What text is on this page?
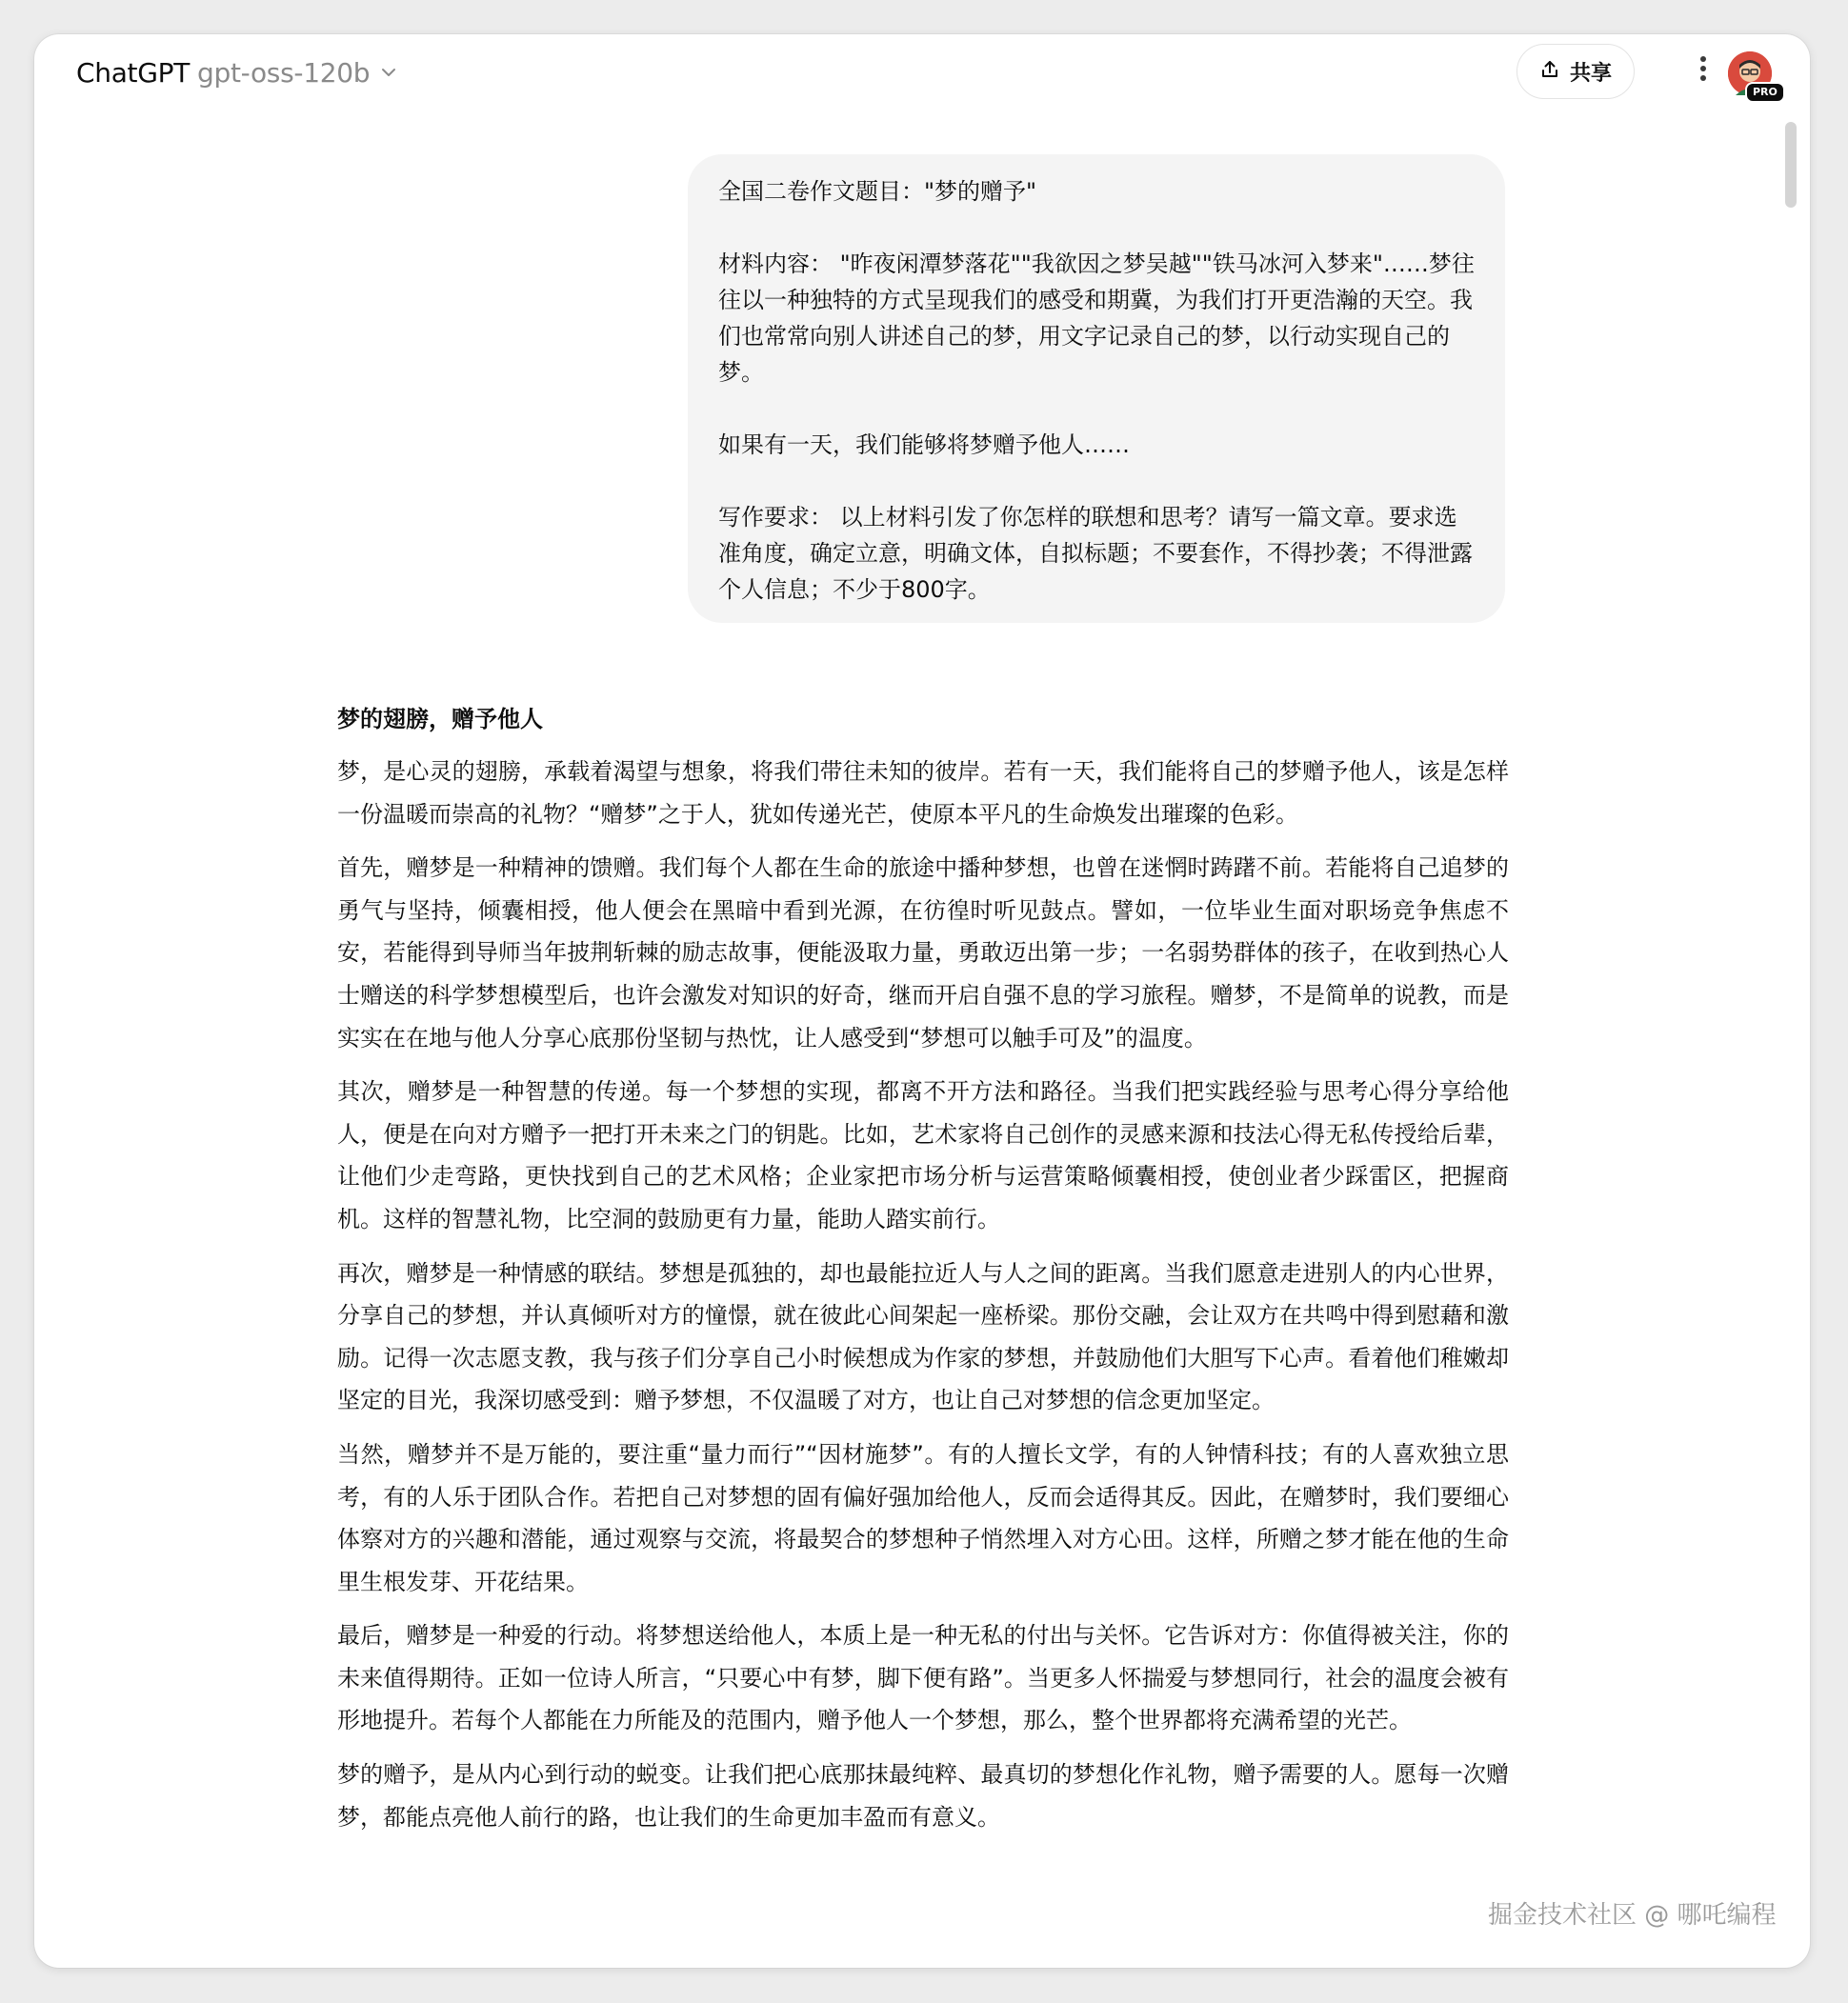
ChatGPT gpt-oss-120b	共享
PRO

全国二卷作文题目："梦的赠予"

材料内容： "昨夜闲潭梦落花""我欲因之梦吴越""铁马冰河入梦来"……梦往往以一种独特的方式呈现我们的感受和期冀，为我们打开更浩瀚的天空。我们也常常向别人讲述自己的梦，用文字记录自己的梦，以行动实现自己的梦。

如果有一天，我们能够将梦赠予他人……

写作要求： 以上材料引发了你怎样的联想和思考？请写一篇文章。要求选准角度，确定立意，明确文体，自拟标题；不要套作，不得抄袭；不得泄露个人信息；不少于800字。

梦的翅膀，赠予他人

梦，是心灵的翅膀，承载着渴望与想象，将我们带往未知的彼岸。若有一天，我们能将自己的梦赠予他人，该是怎样一份温暖而崇高的礼物？“赠梦”之于人，犹如传递光芒，使原本平凡的生命焕发出璀璨的色彩。

首先，赠梦是一种精神的馈赠。我们每个人都在生命的旅途中播种梦想，也曾在迷惘时踌躇不前。若能将自己追梦的勇气与坚持，倾囊相授，他人便会在黑暗中看到光源，在彷徨时听见鼓点。譬如，一位毕业生面对职场竞争焦虑不安，若能得到导师当年披荆斩棘的励志故事，便能汲取力量，勇敢迈出第一步；一名弱势群体的孩子，在收到热心人士赠送的科学梦想模型后，也许会激发对知识的好奇，继而开启自强不息的学习旅程。赠梦，不是简单的说教，而是实实在在地与他人分享心底那份坚韧与热忱，让人感受到“梦想可以触手可及”的温度。

其次，赠梦是一种智慧的传递。每一个梦想的实现，都离不开方法和路径。当我们把实践经验与思考心得分享给他人，便是在向对方赠予一把打开未来之门的钥匙。比如，艺术家将自己创作的灵感来源和技法心得无私传授给后辈，让他们少走弯路，更快找到自己的艺术风格；企业家把市场分析与运营策略倾囊相授，使创业者少踩雷区，把握商机。这样的智慧礼物，比空洞的鼓励更有力量，能助人踏实前行。

再次，赠梦是一种情感的联结。梦想是孤独的，却也最能拉近人与人之间的距离。当我们愿意走进别人的内心世界，分享自己的梦想，并认真倾听对方的憧憬，就在彼此心间架起一座桥梁。那份交融，会让双方在共鸣中得到慰藉和激励。记得一次志愿支教，我与孩子们分享自己小时候想成为作家的梦想，并鼓励他们大胆写下心声。看着他们稚嫩却坚定的目光，我深切感受到：赠予梦想，不仅温暖了对方，也让自己对梦想的信念更加坚定。

当然，赠梦并不是万能的，要注重“量力而行”“因材施梦”。有的人擅长文学，有的人钟情科技；有的人喜欢独立思考，有的人乐于团队合作。若把自己对梦想的固有偏好强加给他人，反而会适得其反。因此，在赠梦时，我们要细心体察对方的兴趣和潜能，通过观察与交流，将最契合的梦想种子悄然埋入对方心田。这样，所赠之梦才能在他的生命里生根发芽、开花结果。

最后，赠梦是一种爱的行动。将梦想送给他人，本质上是一种无私的付出与关怀。它告诉对方：你值得被关注，你的未来值得期待。正如一位诗人所言，“只要心中有梦，脚下便有路”。当更多人怀揣爱与梦想同行，社会的温度会被有形地提升。若每个人都能在力所能及的范围内，赠予他人一个梦想，那么，整个世界都将充满希望的光芒。

梦的赠予，是从内心到行动的蜕变。让我们把心底那抹最纯粹、最真切的梦想化作礼物，赠予需要的人。愿每一次赠梦，都能点亮他人前行的路，也让我们的生命更加丰盈而有意义。

掘金技术社区 @ 哪吒编程
